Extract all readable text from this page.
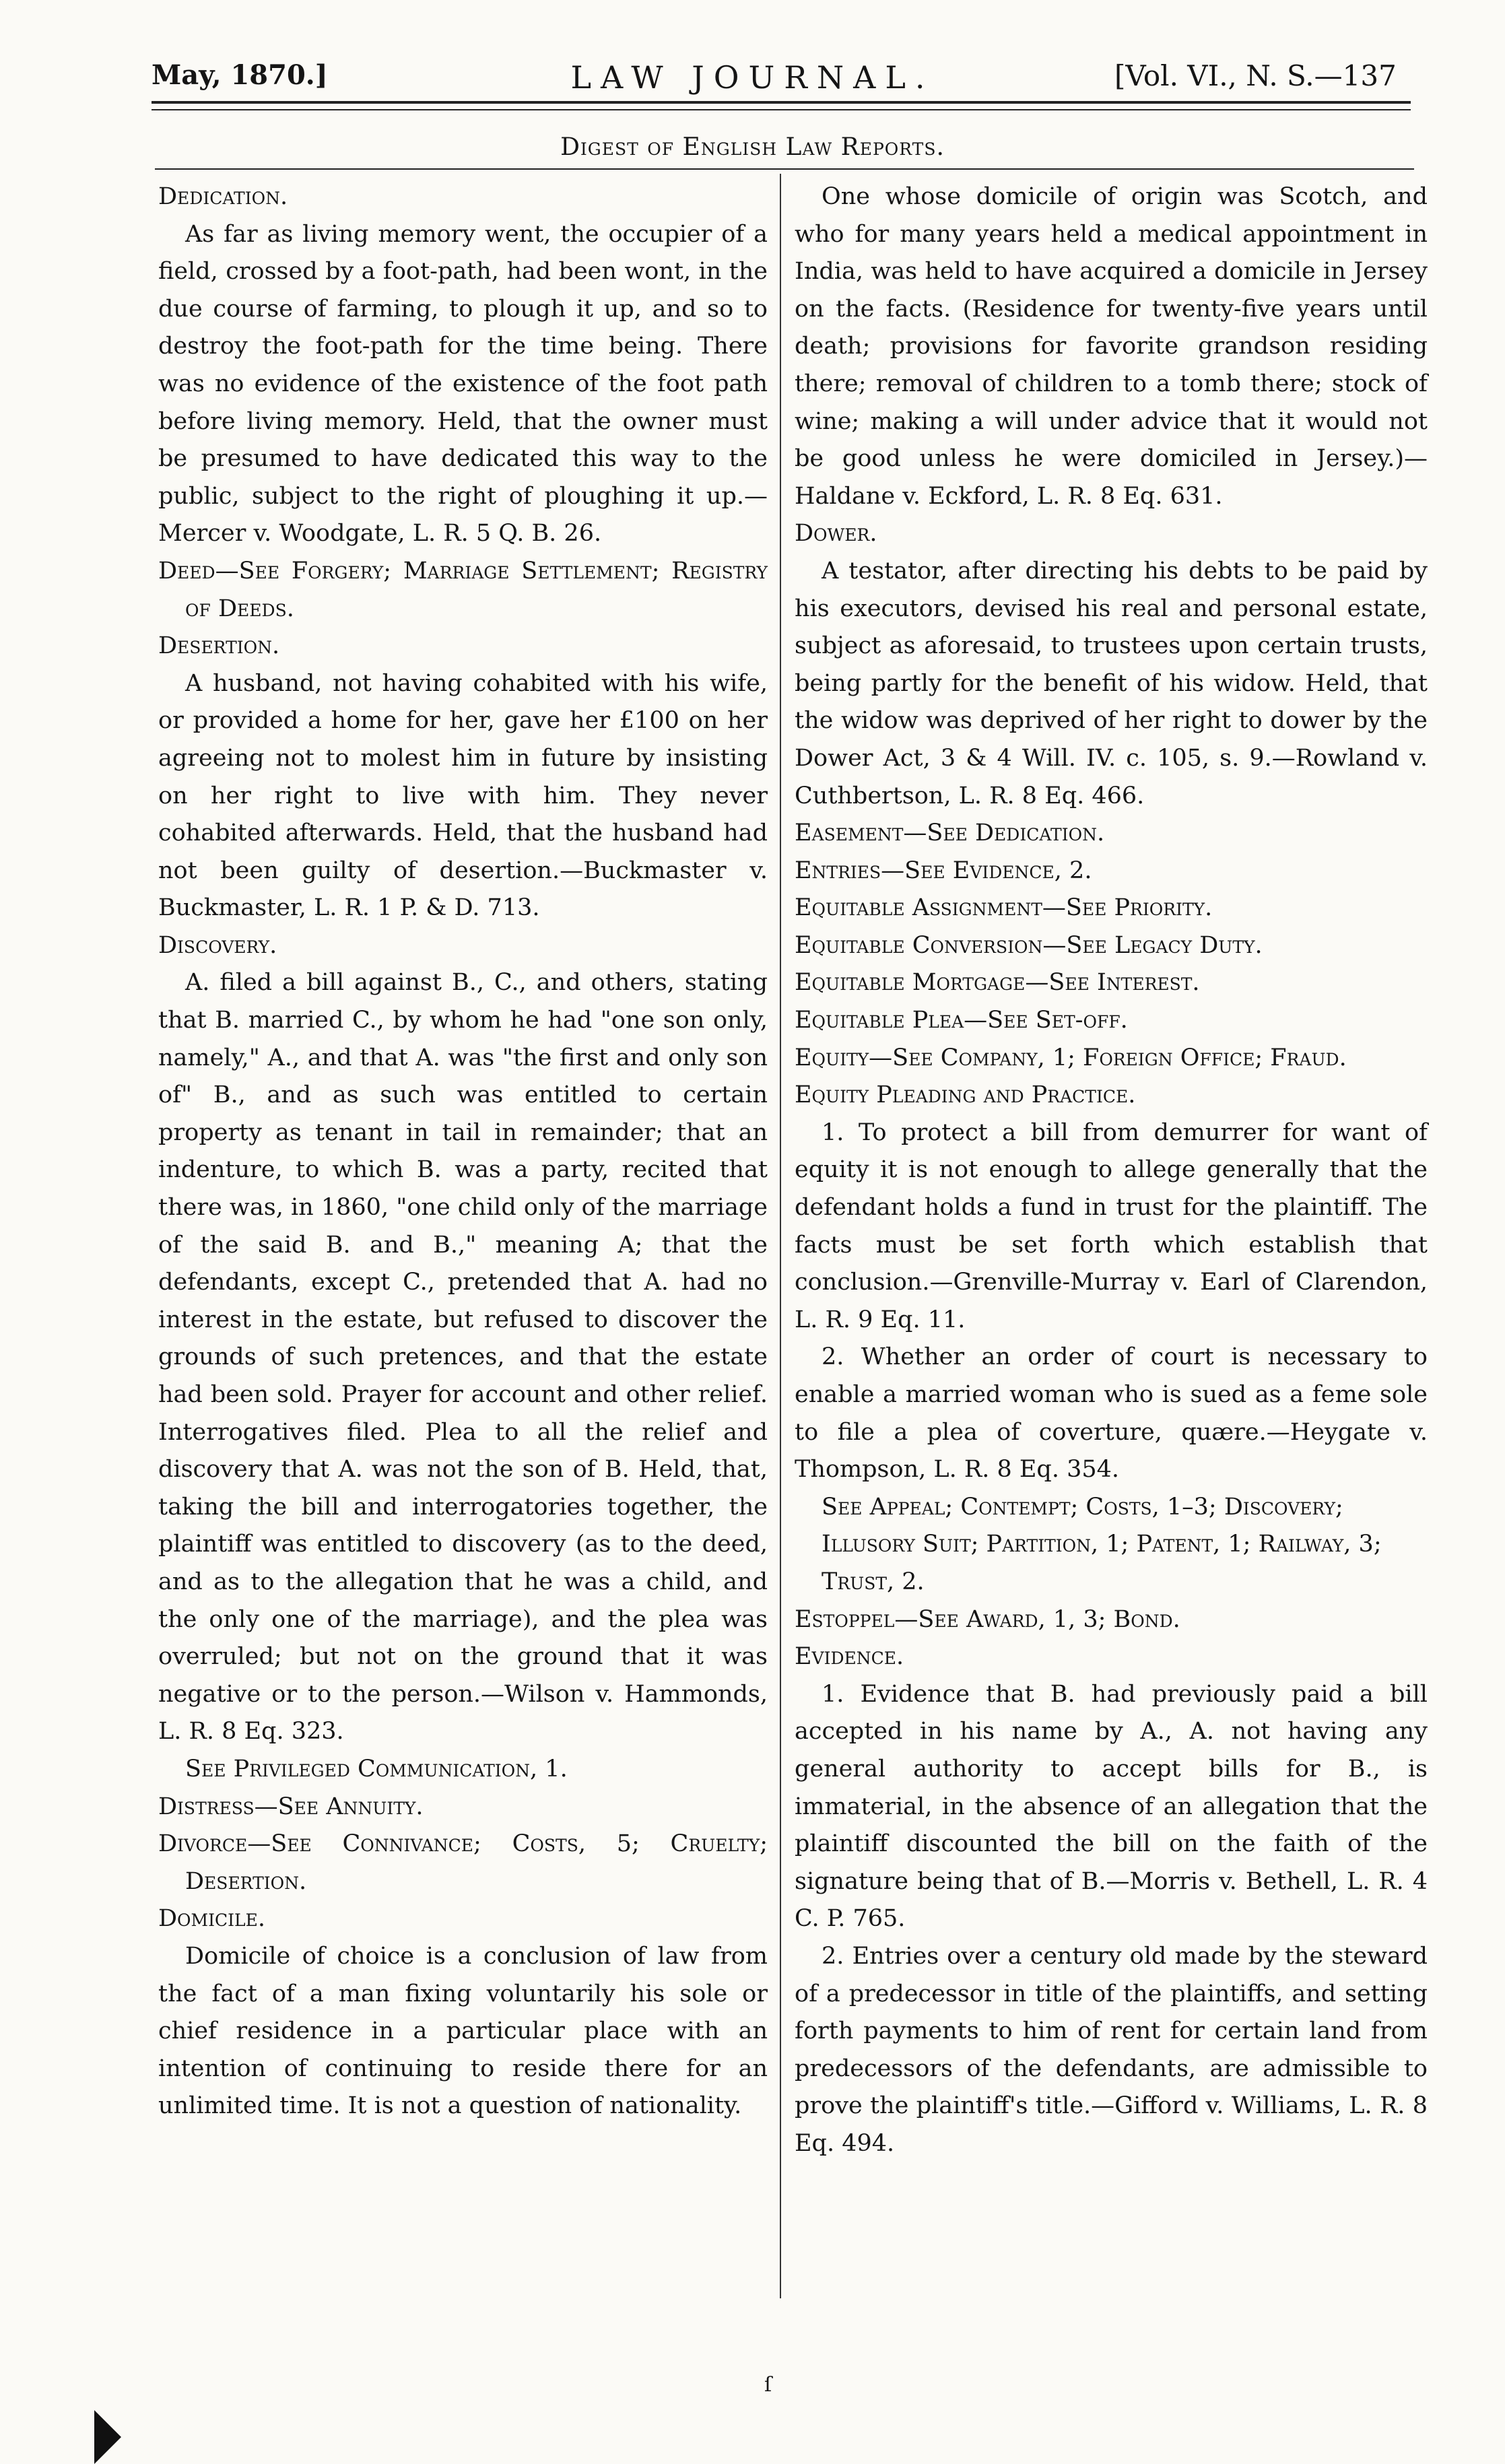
May, 1870.]	LAW JOURNAL.	[Vol. VI., N. S.—137
Digest of English Law Reports.

Dedication.

As far as living memory went, the occupier of a field, crossed by a foot-path, had been wont, in the due course of farming, to plough it up, and so to destroy the foot-path for the time being. There was no evidence of the existence of the foot path before living memory. Held, that the owner must be presumed to have dedicated this way to the public, subject to the right of ploughing it up.—Mercer v. Woodgate, L. R. 5 Q. B. 26.

Deed—See Forgery; Marriage Settlement; Registry of Deeds.

Desertion.

A husband, not having cohabited with his wife, or provided a home for her, gave her £100 on her agreeing not to molest him in future by insisting on her right to live with him. They never cohabited afterwards. Held, that the husband had not been guilty of desertion.—Buckmaster v. Buckmaster, L. R. 1 P. & D. 713.

Discovery.

A. filed a bill against B., C., and others, stating that B. married C., by whom he had "one son only, namely," A., and that A. was "the first and only son of" B., and as such was entitled to certain property as tenant in tail in remainder; that an indenture, to which B. was a party, recited that there was, in 1860, "one child only of the marriage of the said B. and B.," meaning A; that the defendants, except C., pretended that A. had no interest in the estate, but refused to discover the grounds of such pretences, and that the estate had been sold. Prayer for account and other relief. Interrogatives filed. Plea to all the relief and discovery that A. was not the son of B. Held, that, taking the bill and interrogatories together, the plaintiff was entitled to discovery (as to the deed, and as to the allegation that he was a child, and the only one of the marriage), and the plea was overruled; but not on the ground that it was negative or to the person.—Wilson v. Hammonds, L. R. 8 Eq. 323.

See Privileged Communication, 1.

Distress—See Annuity.

Divorce—See Connivance; Costs, 5; Cruelty; Desertion.

Domicile.

Domicile of choice is a conclusion of law from the fact of a man fixing voluntarily his sole or chief residence in a particular place with an intention of continuing to reside there for an unlimited time. It is not a question of nationality.

One whose domicile of origin was Scotch, and who for many years held a medical appointment in India, was held to have acquired a domicile in Jersey on the facts. (Residence for twenty-five years until death; provisions for favorite grandson residing there; removal of children to a tomb there; stock of wine; making a will under advice that it would not be good unless he were domiciled in Jersey.)—Haldane v. Eckford, L. R. 8 Eq. 631.

Dower.

A testator, after directing his debts to be paid by his executors, devised his real and personal estate, subject as aforesaid, to trustees upon certain trusts, being partly for the benefit of his widow. Held, that the widow was deprived of her right to dower by the Dower Act, 3 & 4 Will. IV. c. 105, s. 9.—Rowland v. Cuthbertson, L. R. 8 Eq. 466.

Easement—See Dedication.

Entries—See Evidence, 2.

Equitable Assignment—See Priority.

Equitable Conversion—See Legacy Duty.

Equitable Mortgage—See Interest.

Equitable Plea—See Set-off.

Equity—See Company, 1; Foreign Office; Fraud.

Equity Pleading and Practice.

1. To protect a bill from demurrer for want of equity it is not enough to allege generally that the defendant holds a fund in trust for the plaintiff. The facts must be set forth which establish that conclusion.—Grenville-Murray v. Earl of Clarendon, L. R. 9 Eq. 11.

2. Whether an order of court is necessary to enable a married woman who is sued as a feme sole to file a plea of coverture, quære.—Heygate v. Thompson, L. R. 8 Eq. 354.

See Appeal; Contempt; Costs, 1–3; Discovery; Illusory Suit; Partition, 1; Patent, 1; Railway, 3; Trust, 2.

Estoppel—See Award, 1, 3; Bond.

Evidence.

1. Evidence that B. had previously paid a bill accepted in his name by A., A. not having any general authority to accept bills for B., is immaterial, in the absence of an allegation that the plaintiff discounted the bill on the faith of the signature being that of B.—Morris v. Bethell, L. R. 4 C. P. 765.

2. Entries over a century old made by the steward of a predecessor in title of the plaintiffs, and setting forth payments to him of rent for certain land from predecessors of the defendants, are admissible to prove the plaintiff's title.—Gifford v. Williams, L. R. 8 Eq. 494.

ſ
